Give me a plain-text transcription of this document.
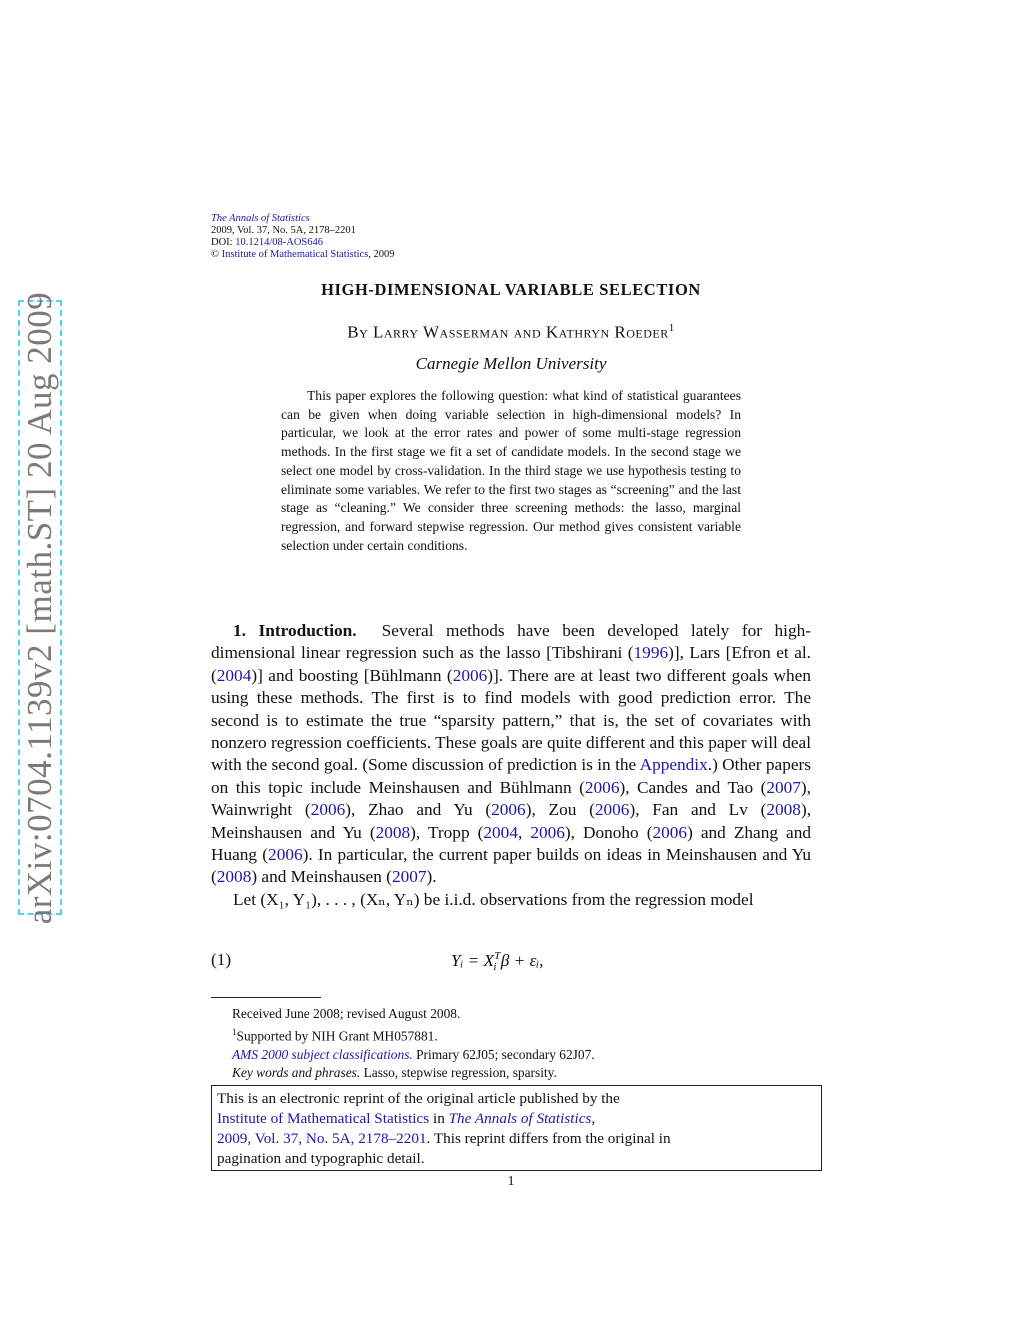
arXiv:0704.1139v2 [math.ST] 20 Aug 2009
The Annals of Statistics
2009, Vol. 37, No. 5A, 2178–2201
DOI: 10.1214/08-AOS646
© Institute of Mathematical Statistics, 2009
HIGH-DIMENSIONAL VARIABLE SELECTION
By Larry Wasserman and Kathryn Roeder$^1$
Carnegie Mellon University
This paper explores the following question: what kind of statistical guarantees can be given when doing variable selection in high-dimensional models? In particular, we look at the error rates and power of some multi-stage regression methods. In the first stage we fit a set of candidate models. In the second stage we select one model by cross-validation. In the third stage we use hypothesis testing to eliminate some variables. We refer to the first two stages as “screening” and the last stage as “cleaning.” We consider three screening methods: the lasso, marginal regression, and forward stepwise regression. Our method gives consistent variable selection under certain conditions.

1. Introduction. Several methods have been developed lately for high-dimensional linear regression such as the lasso [Tibshirani (1996)], Lars [Efron et al. (2004)] and boosting [Bühlmann (2006)]. There are at least two different goals when using these methods. The first is to find models with good prediction error. The second is to estimate the true “sparsity pattern,” that is, the set of covariates with nonzero regression coefficients. These goals are quite different and this paper will deal with the second goal. (Some discussion of prediction is in the Appendix.) Other papers on this topic include Meinshausen and Bühlmann (2006), Candes and Tao (2007), Wainwright (2006), Zhao and Yu (2006), Zou (2006), Fan and Lv (2008), Meinshausen and Yu (2008), Tropp (2004, 2006), Donoho (2006) and Zhang and Huang (2006). In particular, the current paper builds on ideas in Meinshausen and Yu (2008) and Meinshausen (2007).

Let (X₁, Y₁), . . . , (Xₙ, Yₙ) be i.i.d. observations from the regression model

(1)	Yᵢ = $X^T_i$ β + εᵢ,
Received June 2008; revised August 2008.
$^1$Supported by NIH Grant MH057881.
AMS 2000 subject classifications. Primary 62J05; secondary 62J07.
Key words and phrases. Lasso, stepwise regression, sparsity.
This is an electronic reprint of the original article published by the
Institute of Mathematical Statistics in The Annals of Statistics,
2009, Vol. 37, No. 5A, 2178–2201. This reprint differs from the original in
pagination and typographic detail.
1
